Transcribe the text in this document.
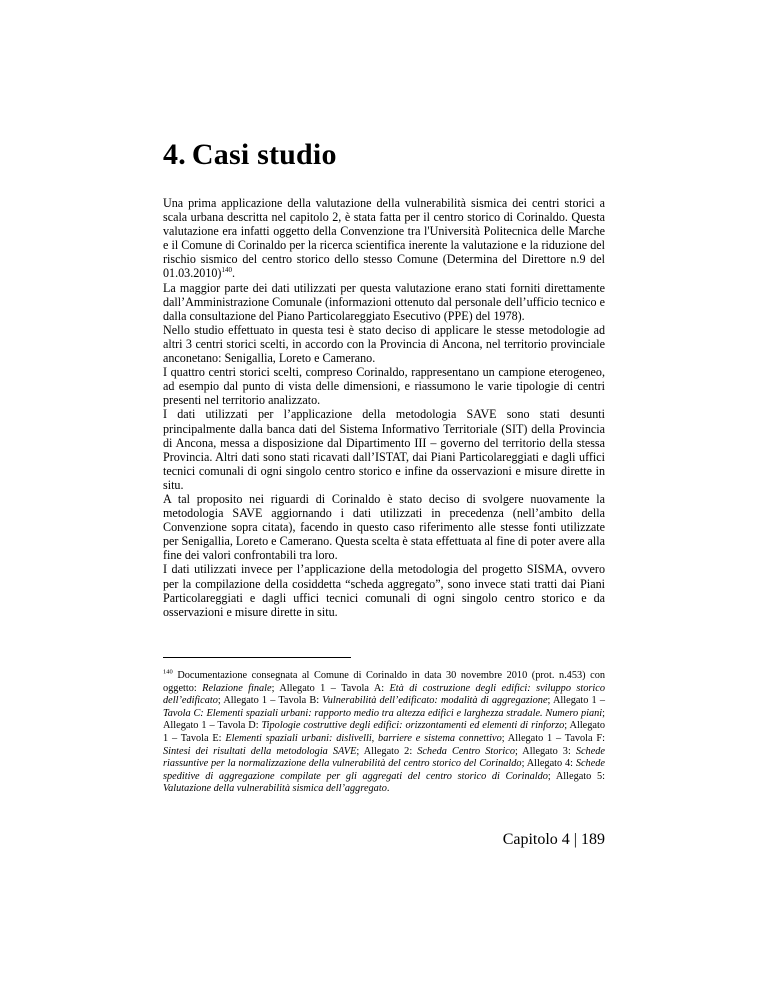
4. Casi studio

Una prima applicazione della valutazione della vulnerabilità sismica dei centri storici a scala urbana descritta nel capitolo 2, è stata fatta per il centro storico di Corinaldo. Questa valutazione era infatti oggetto della Convenzione tra l'Università Politecnica delle Marche e il Comune di Corinaldo per la ricerca scientifica inerente la valutazione e la riduzione del rischio sismico del centro storico dello stesso Comune (Determina del Direttore n.9 del 01.03.2010)$^{140}$.

La maggior parte dei dati utilizzati per questa valutazione erano stati forniti direttamente dall’Amministrazione Comunale (informazioni ottenuto dal personale dell’ufficio tecnico e dalla consultazione del Piano Particolareggiato Esecutivo (PPE) del 1978).

Nello studio effettuato in questa tesi è stato deciso di applicare le stesse metodologie ad altri 3 centri storici scelti, in accordo con la Provincia di Ancona, nel territorio provinciale anconetano: Senigallia, Loreto e Camerano.

I quattro centri storici scelti, compreso Corinaldo, rappresentano un campione eterogeneo, ad esempio dal punto di vista delle dimensioni, e riassumono le varie tipologie di centri presenti nel territorio analizzato.

I dati utilizzati per l’applicazione della metodologia SAVE sono stati desunti principalmente dalla banca dati del Sistema Informativo Territoriale (SIT) della Provincia di Ancona, messa a disposizione dal Dipartimento III – governo del territorio della stessa Provincia. Altri dati sono stati ricavati dall’ISTAT, dai Piani Particolareggiati e dagli uffici tecnici comunali di ogni singolo centro storico e infine da osservazioni e misure dirette in situ.

A tal proposito nei riguardi di Corinaldo è stato deciso di svolgere nuovamente la metodologia SAVE aggiornando i dati utilizzati in precedenza (nell’ambito della Convenzione sopra citata), facendo in questo caso riferimento alle stesse fonti utilizzate per Senigallia, Loreto e Camerano. Questa scelta è stata effettuata al fine di poter avere alla fine dei valori confrontabili tra loro.

I dati utilizzati invece per l’applicazione della metodologia del progetto SISMA, ovvero per la compilazione della cosiddetta “scheda aggregato”, sono invece stati tratti dai Piani Particolareggiati e dagli uffici tecnici comunali di ogni singolo centro storico e da osservazioni e misure dirette in situ.

$^{140}$ Documentazione consegnata al Comune di Corinaldo in data 30 novembre 2010 (prot. n.453) con oggetto: Relazione finale; Allegato 1 – Tavola A: Età di costruzione degli edifici: sviluppo storico dell’edificato; Allegato 1 – Tavola B: Vulnerabilità dell’edificato: modalità di aggregazione; Allegato 1 – Tavola C: Elementi spaziali urbani: rapporto medio tra altezza edifici e larghezza stradale. Numero piani; Allegato 1 – Tavola D: Tipologie costruttive degli edifici: orizzontamenti ed elementi di rinforzo; Allegato 1 – Tavola E: Elementi spaziali urbani: dislivelli, barriere e sistema connettivo; Allegato 1 – Tavola F: Sintesi dei risultati della metodologia SAVE; Allegato 2: Scheda Centro Storico; Allegato 3: Schede riassuntive per la normalizzazione della vulnerabilità del centro storico del Corinaldo; Allegato 4: Schede speditive di aggregazione compilate per gli aggregati del centro storico di Corinaldo; Allegato 5: Valutazione della vulnerabilità sismica dell’aggregato.

Capitolo 4 | 189
